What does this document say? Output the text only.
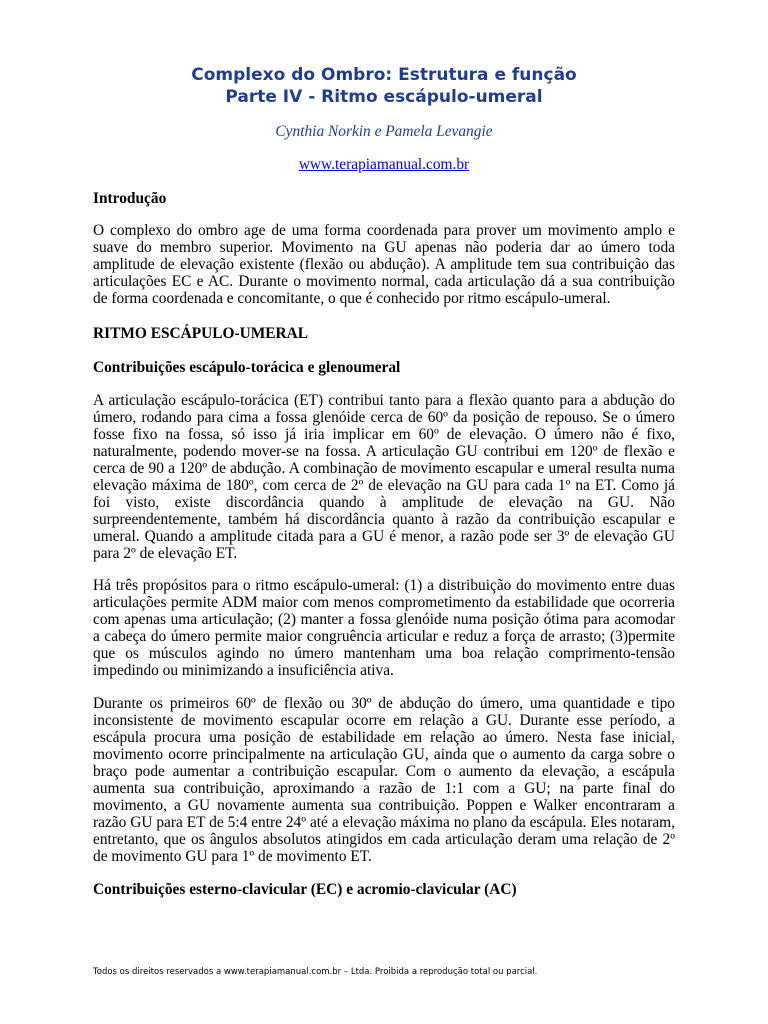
Complexo do Ombro: Estrutura e função
Parte IV - Ritmo escápulo-umeral
Cynthia Norkin e Pamela Levangie
www.terapiamanual.com.br
Introdução

O complexo do ombro age de uma forma coordenada para prover um movimento amplo e suave do membro superior. Movimento na GU apenas não poderia dar ao úmero toda amplitude de elevação existente (flexão ou abdução). A amplitude tem sua contribuição das articulações EC e AC. Durante o movimento normal, cada articulação dá a sua contribuição de forma coordenada e concomitante, o que é conhecido por ritmo escápulo-umeral.

RITMO ESCÁPULO-UMERAL
Contribuições escápulo-torácica e glenoumeral

A articulação escápulo-torácica (ET) contribui tanto para a flexão quanto para a abdução do úmero, rodando para cima a fossa glenóide cerca de 60º da posição de repouso. Se o úmero fosse fixo na fossa, só isso já iria implicar em 60º de elevação. O úmero não é fixo, naturalmente, podendo mover-se na fossa. A articulação GU contribui em 120º de flexão e cerca de 90 a 120º de abdução. A combinação de movimento escapular e umeral resulta numa elevação máxima de 180º, com cerca de 2º de elevação na GU para cada 1º na ET. Como já foi visto, existe discordância quando à amplitude de elevação na GU. Não surpreendentemente, também há discordância quanto à razão da contribuição escapular e umeral. Quando a amplitude citada para a GU é menor, a razão pode ser 3º de elevação GU para 2º de elevação ET.

Há três propósitos para o ritmo escápulo-umeral: (1) a distribuição do movimento entre duas articulações permite ADM maior com menos comprometimento da estabilidade que ocorreria com apenas uma articulação; (2) manter a fossa glenóide numa posição ótima para acomodar a cabeça do úmero permite maior congruência articular e reduz a força de arrasto; (3)permite que os músculos agindo no úmero mantenham uma boa relação comprimento-tensão impedindo ou minimizando a insuficiência ativa.

Durante os primeiros 60º de flexão ou 30º de abdução do úmero, uma quantidade e tipo inconsistente de movimento escapular ocorre em relação a GU. Durante esse período, a escápula procura uma posição de estabilidade em relação ao úmero. Nesta fase inicial, movimento ocorre principalmente na articulação GU, ainda que o aumento da carga sobre o braço pode aumentar a contribuição escapular. Com o aumento da elevação, a escápula aumenta sua contribuição, aproximando a razão de 1:1 com a GU; na parte final do movimento, a GU novamente aumenta sua contribuição. Poppen e Walker encontraram a razão GU para ET de 5:4 entre 24º até a elevação máxima no plano da escápula. Eles notaram, entretanto, que os ângulos absolutos atingidos em cada articulação deram uma relação de 2º de movimento GU para 1º de movimento ET.

Contribuições esterno-clavicular (EC) e acromio-clavicular (AC)
Todos os direitos reservados a www.terapiamanual.com.br – Ltda. Proibida a reprodução total ou parcial.
